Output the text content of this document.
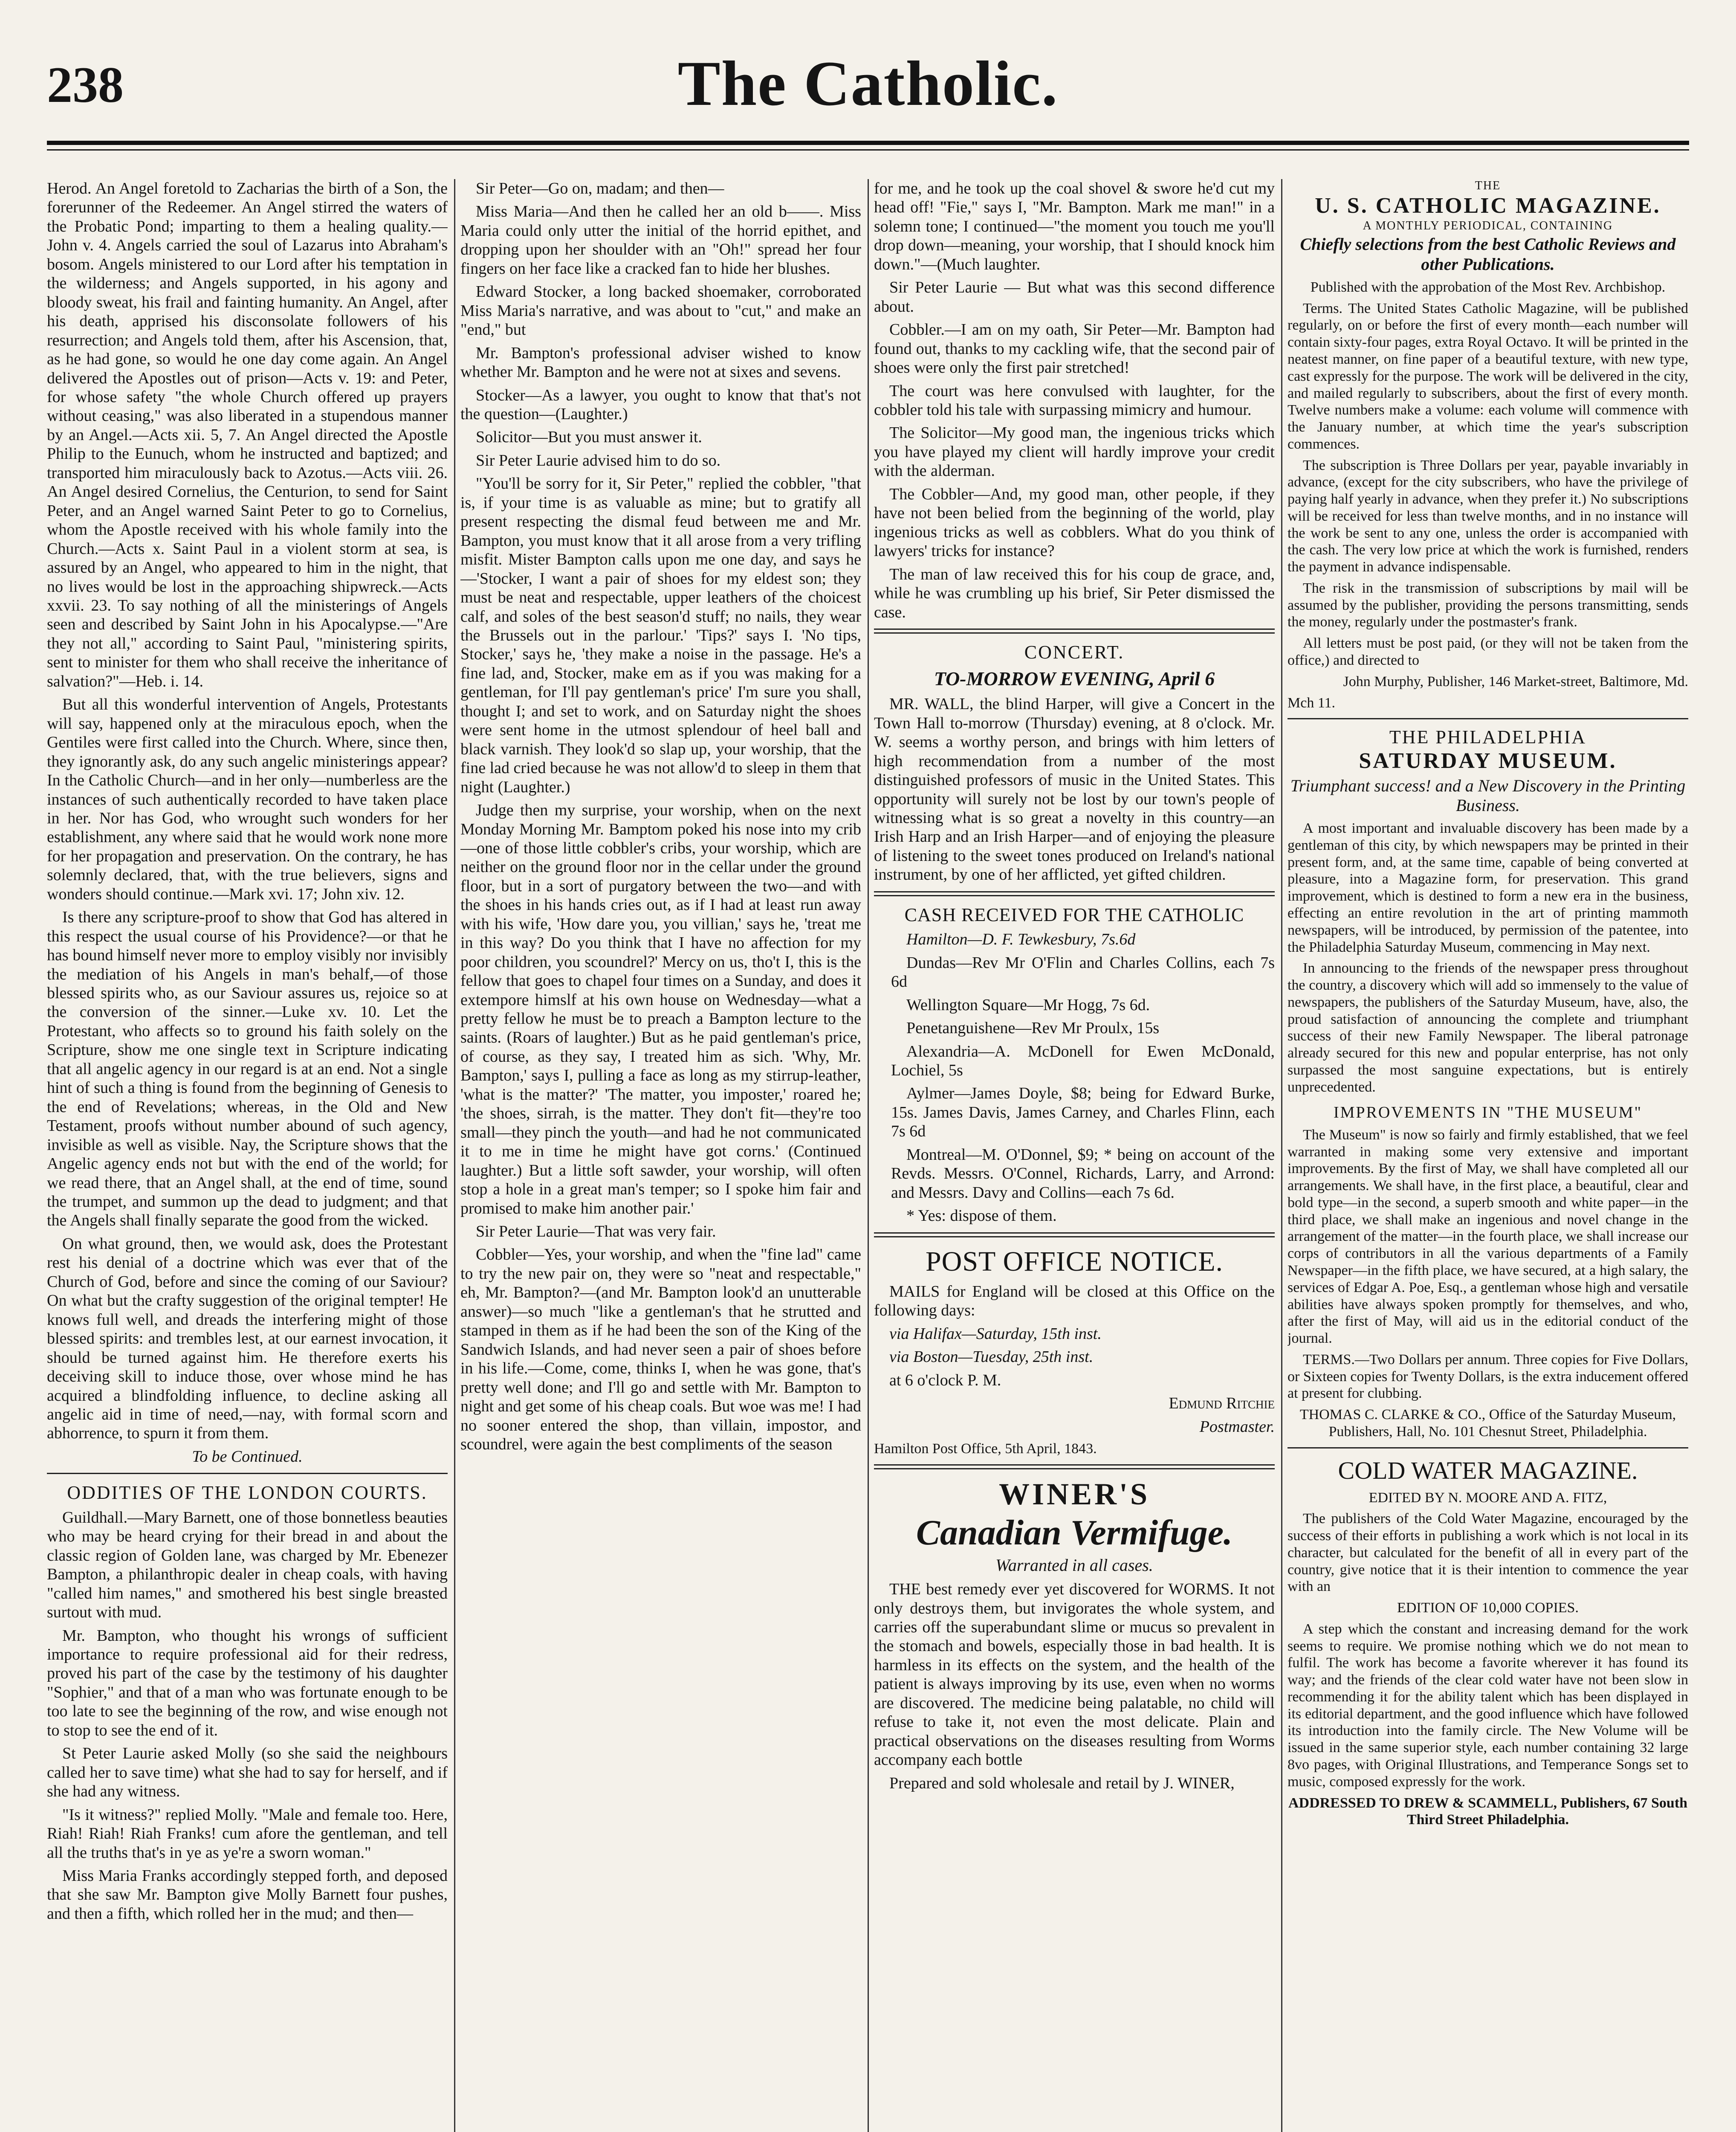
238	The Catholic.

Herod. An Angel foretold to Zacharias the birth of a Son, the forerunner of the Redeemer. An Angel stirred the waters of the Probatic Pond; imparting to them a healing quality.—John v. 4. Angels carried the soul of Lazarus into Abraham's bosom. Angels ministered to our Lord after his temptation in the wilderness; and Angels supported, in his agony and bloody sweat, his frail and fainting humanity. An Angel, after his death, apprised his disconsolate followers of his resurrection; and Angels told them, after his Ascension, that, as he had gone, so would he one day come again. An Angel delivered the Apostles out of prison—Acts v. 19: and Peter, for whose safety "the whole Church offered up prayers without ceasing," was also liberated in a stupendous manner by an Angel.—Acts xii. 5, 7. An Angel directed the Apostle Philip to the Eunuch, whom he instructed and baptized; and transported him miraculously back to Azotus.—Acts viii. 26. An Angel desired Cornelius, the Centurion, to send for Saint Peter, and an Angel warned Saint Peter to go to Cornelius, whom the Apostle received with his whole family into the Church.—Acts x. Saint Paul in a violent storm at sea, is assured by an Angel, who appeared to him in the night, that no lives would be lost in the approaching shipwreck.—Acts xxvii. 23. To say nothing of all the ministerings of Angels seen and described by Saint John in his Apocalypse.—"Are they not all," according to Saint Paul, "ministering spirits, sent to minister for them who shall receive the inheritance of salvation?"—Heb. i. 14.

But all this wonderful intervention of Angels, Protestants will say, happened only at the miraculous epoch, when the Gentiles were first called into the Church. Where, since then, they ignorantly ask, do any such angelic ministerings appear? In the Catholic Church—and in her only—numberless are the instances of such authentically recorded to have taken place in her. Nor has God, who wrought such wonders for her establishment, any where said that he would work none more for her propagation and preservation. On the contrary, he has solemnly declared, that, with the true believers, signs and wonders should continue.—Mark xvi. 17; John xiv. 12.

Is there any scripture-proof to show that God has altered in this respect the usual course of his Providence?—or that he has bound himself never more to employ visibly nor invisibly the mediation of his Angels in man's behalf,—of those blessed spirits who, as our Saviour assures us, rejoice so at the conversion of the sinner.—Luke xv. 10. Let the Protestant, who affects so to ground his faith solely on the Scripture, show me one single text in Scripture indicating that all angelic agency in our regard is at an end. Not a single hint of such a thing is found from the beginning of Genesis to the end of Revelations; whereas, in the Old and New Testament, proofs without number abound of such agency, invisible as well as visible. Nay, the Scripture shows that the Angelic agency ends not but with the end of the world; for we read there, that an Angel shall, at the end of time, sound the trumpet, and summon up the dead to judgment; and that the Angels shall finally separate the good from the wicked.

On what ground, then, we would ask, does the Protestant rest his denial of a doctrine which was ever that of the Church of God, before and since the coming of our Saviour? On what but the crafty suggestion of the original tempter! He knows full well, and dreads the interfering might of those blessed spirits: and trembles lest, at our earnest invocation, it should be turned against him. He therefore exerts his deceiving skill to induce those, over whose mind he has acquired a blindfolding influence, to decline asking all angelic aid in time of need,—nay, with formal scorn and abhorrence, to spurn it from them.

To be Continued.

ODDITIES OF THE LONDON COURTS.

Guildhall.—Mary Barnett, one of those bonnetless beauties who may be heard crying for their bread in and about the classic region of Golden lane, was charged by Mr. Ebenezer Bampton, a philanthropic dealer in cheap coals, with having "called him names," and smothered his best single breasted surtout with mud.

Mr. Bampton, who thought his wrongs of sufficient importance to require professional aid for their redress, proved his part of the case by the testimony of his daughter "Sophier," and that of a man who was fortunate enough to be too late to see the beginning of the row, and wise enough not to stop to see the end of it.

St Peter Laurie asked Molly (so she said the neighbours called her to save time) what she had to say for herself, and if she had any witness.

"Is it witness?" replied Molly. "Male and female too. Here, Riah! Riah! Riah Franks! cum afore the gentleman, and tell all the truths that's in ye as ye're a sworn woman."

Miss Maria Franks accordingly stepped forth, and deposed that she saw Mr. Bampton give Molly Barnett four pushes, and then a fifth, which rolled her in the mud; and then—

Sir Peter—Go on, madam; and then—

Miss Maria—And then he called her an old b——. Miss Maria could only utter the initial of the horrid epithet, and dropping upon her shoulder with an "Oh!" spread her four fingers on her face like a cracked fan to hide her blushes.

Edward Stocker, a long backed shoemaker, corroborated Miss Maria's narrative, and was about to "cut," and make an "end," but

Mr. Bampton's professional adviser wished to know whether Mr. Bampton and he were not at sixes and sevens.

Stocker—As a lawyer, you ought to know that that's not the question—(Laughter.)

Solicitor—But you must answer it.

Sir Peter Laurie advised him to do so.

"You'll be sorry for it, Sir Peter," replied the cobbler, "that is, if your time is as valuable as mine; but to gratify all present respecting the dismal feud between me and Mr. Bampton, you must know that it all arose from a very trifling misfit. Mister Bampton calls upon me one day, and says he—'Stocker, I want a pair of shoes for my eldest son; they must be neat and respectable, upper leathers of the choicest calf, and soles of the best season'd stuff; no nails, they wear the Brussels out in the parlour.' 'Tips?' says I. 'No tips, Stocker,' says he, 'they make a noise in the passage. He's a fine lad, and, Stocker, make em as if you was making for a gentleman, for I'll pay gentleman's price' I'm sure you shall, thought I; and set to work, and on Saturday night the shoes were sent home in the utmost splendour of heel ball and black varnish. They look'd so slap up, your worship, that the fine lad cried because he was not allow'd to sleep in them that night (Laughter.)

Judge then my surprise, your worship, when on the next Monday Morning Mr. Bamptom poked his nose into my crib—one of those little cobbler's cribs, your worship, which are neither on the ground floor nor in the cellar under the ground floor, but in a sort of purgatory between the two—and with the shoes in his hands cries out, as if I had at least run away with his wife, 'How dare you, you villian,' says he, 'treat me in this way? Do you think that I have no affection for my poor children, you scoundrel?' Mercy on us, tho't I, this is the fellow that goes to chapel four times on a Sunday, and does it extempore himslf at his own house on Wednesday—what a pretty fellow he must be to preach a Bampton lecture to the saints. (Roars of laughter.) But as he paid gentleman's price, of course, as they say, I treated him as sich. 'Why, Mr. Bampton,' says I, pulling a face as long as my stirrup-leather, 'what is the matter?' 'The matter, you imposter,' roared he; 'the shoes, sirrah, is the matter. They don't fit—they're too small—they pinch the youth—and had he not communicated it to me in time he might have got corns.' (Continued laughter.) But a little soft sawder, your worship, will often stop a hole in a great man's temper; so I spoke him fair and promised to make him another pair.'

Sir Peter Laurie—That was very fair.

Cobbler—Yes, your worship, and when the "fine lad" came to try the new pair on, they were so "neat and respectable," eh, Mr. Bampton?—(and Mr. Bampton look'd an unutterable answer)—so much "like a gentleman's that he strutted and stamped in them as if he had been the son of the King of the Sandwich Islands, and had never seen a pair of shoes before in his life.—Come, come, thinks I, when he was gone, that's pretty well done; and I'll go and settle with Mr. Bampton to night and get some of his cheap coals. But woe was me! I had no sooner entered the shop, than villain, impostor, and scoundrel, were again the best compliments of the season

for me, and he took up the coal shovel & swore he'd cut my head off! "Fie," says I, "Mr. Bampton. Mark me man!" in a solemn tone; I continued—"the moment you touch me you'll drop down—meaning, your worship, that I should knock him down."—(Much laughter.

Sir Peter Laurie — But what was this second difference about.

Cobbler.—I am on my oath, Sir Peter—Mr. Bampton had found out, thanks to my cackling wife, that the second pair of shoes were only the first pair stretched!

The court was here convulsed with laughter, for the cobbler told his tale with surpassing mimicry and humour.

The Solicitor—My good man, the ingenious tricks which you have played my client will hardly improve your credit with the alderman.

The Cobbler—And, my good man, other people, if they have not been belied from the beginning of the world, play ingenious tricks as well as cobblers. What do you think of lawyers' tricks for instance?

The man of law received this for his coup de grace, and, while he was crumbling up his brief, Sir Peter dismissed the case.

CONCERT.
TO-MORROW EVENING, April 6

MR. WALL, the blind Harper, will give a Concert in the Town Hall to-morrow (Thursday) evening, at 8 o'clock. Mr. W. seems a worthy person, and brings with him letters of high recommendation from a number of the most distinguished professors of music in the United States. This opportunity will surely not be lost by our town's people of witnessing what is so great a novelty in this country—an Irish Harp and an Irish Harper—and of enjoying the pleasure of listening to the sweet tones produced on Ireland's national instrument, by one of her afflicted, yet gifted children.

CASH RECEIVED FOR THE CATHOLIC

Hamilton—D. F. Tewkesbury, 7s.6d

Dundas—Rev Mr O'Flin and Charles Collins, each 7s 6d

Wellington Square—Mr Hogg, 7s 6d.

Penetanguishene—Rev Mr Proulx, 15s

Alexandria—A. McDonell for Ewen McDonald, Lochiel, 5s

Aylmer—James Doyle, $8; being for Edward Burke, 15s. James Davis, James Carney, and Charles Flinn, each 7s 6d

Montreal—M. O'Donnel, $9; * being on account of the Revds. Messrs. O'Connel, Richards, Larry, and Arrond: and Messrs. Davy and Collins—each 7s 6d.

* Yes: dispose of them.

POST OFFICE NOTICE.

MAILS for England will be closed at this Office on the following days:

via Halifax—Saturday, 15th inst.

via Boston—Tuesday, 25th inst.

at 6 o'clock P. M.

Edmund Ritchie

Postmaster.

Hamilton Post Office, 5th April, 1843.

WINER'S
Canadian Vermifuge.
Warranted in all cases.

THE best remedy ever yet discovered for WORMS. It not only destroys them, but invigorates the whole system, and carries off the superabundant slime or mucus so prevalent in the stomach and bowels, especially those in bad health. It is harmless in its effects on the system, and the health of the patient is always improving by its use, even when no worms are discovered. The medicine being palatable, no child will refuse to take it, not even the most delicate. Plain and practical observations on the diseases resulting from Worms accompany each bottle

Prepared and sold wholesale and retail by J. WINER,

THE
U. S. CATHOLIC MAGAZINE.
A MONTHLY PERIODICAL, CONTAINING
Chiefly selections from the best Catholic Reviews and other Publications.

Published with the approbation of the Most Rev. Archbishop.

Terms. The United States Catholic Magazine, will be published regularly, on or before the first of every month—each number will contain sixty-four pages, extra Royal Octavo. It will be printed in the neatest manner, on fine paper of a beautiful texture, with new type, cast expressly for the purpose. The work will be delivered in the city, and mailed regularly to subscribers, about the first of every month. Twelve numbers make a volume: each volume will commence with the January number, at which time the year's subscription commences.

The subscription is Three Dollars per year, payable invariably in advance, (except for the city subscribers, who have the privilege of paying half yearly in advance, when they prefer it.) No subscriptions will be received for less than twelve months, and in no instance will the work be sent to any one, unless the order is accompanied with the cash. The very low price at which the work is furnished, renders the payment in advance indispensable.

The risk in the transmission of subscriptions by mail will be assumed by the publisher, providing the persons transmitting, sends the money, regularly under the postmaster's frank.

All letters must be post paid, (or they will not be taken from the office,) and directed to

John Murphy, Publisher, 146 Market-street, Baltimore, Md.

Mch 11.

THE PHILADELPHIA
SATURDAY MUSEUM.
Triumphant success! and a New Discovery in the Printing Business.

A most important and invaluable discovery has been made by a gentleman of this city, by which newspapers may be printed in their present form, and, at the same time, capable of being converted at pleasure, into a Magazine form, for preservation. This grand improvement, which is destined to form a new era in the business, effecting an entire revolution in the art of printing mammoth newspapers, will be introduced, by permission of the patentee, into the Philadelphia Saturday Museum, commencing in May next.

In announcing to the friends of the newspaper press throughout the country, a discovery which will add so immensely to the value of newspapers, the publishers of the Saturday Museum, have, also, the proud satisfaction of announcing the complete and triumphant success of their new Family Newspaper. The liberal patronage already secured for this new and popular enterprise, has not only surpassed the most sanguine expectations, but is entirely unprecedented.

IMPROVEMENTS IN "THE MUSEUM"

The Museum" is now so fairly and firmly established, that we feel warranted in making some very extensive and important improvements. By the first of May, we shall have completed all our arrangements. We shall have, in the first place, a beautiful, clear and bold type—in the second, a superb smooth and white paper—in the third place, we shall make an ingenious and novel change in the arrangement of the matter—in the fourth place, we shall increase our corps of contributors in all the various departments of a Family Newspaper—in the fifth place, we have secured, at a high salary, the services of Edgar A. Poe, Esq., a gentleman whose high and versatile abilities have always spoken promptly for themselves, and who, after the first of May, will aid us in the editorial conduct of the journal.

TERMS.—Two Dollars per annum. Three copies for Five Dollars, or Sixteen copies for Twenty Dollars, is the extra inducement offered at present for clubbing.

THOMAS C. CLARKE & CO., Office of the Saturday Museum, Publishers, Hall, No. 101 Chesnut Street, Philadelphia.

COLD WATER MAGAZINE.

EDITED BY N. MOORE AND A. FITZ,

The publishers of the Cold Water Magazine, encouraged by the success of their efforts in publishing a work which is not local in its character, but calculated for the benefit of all in every part of the country, give notice that it is their intention to commence the year with an

EDITION OF 10,000 COPIES.

A step which the constant and increasing demand for the work seems to require. We promise nothing which we do not mean to fulfil. The work has become a favorite wherever it has found its way; and the friends of the clear cold water have not been slow in recommending it for the ability talent which has been displayed in its editorial department, and the good influence which have followed its introduction into the family circle. The New Volume will be issued in the same superior style, each number containing 32 large 8vo pages, with Original Illustrations, and Temperance Songs set to music, composed expressly for the work.

ADDRESSED TO DREW & SCAMMELL, Publishers, 67 South Third Street Philadelphia.
